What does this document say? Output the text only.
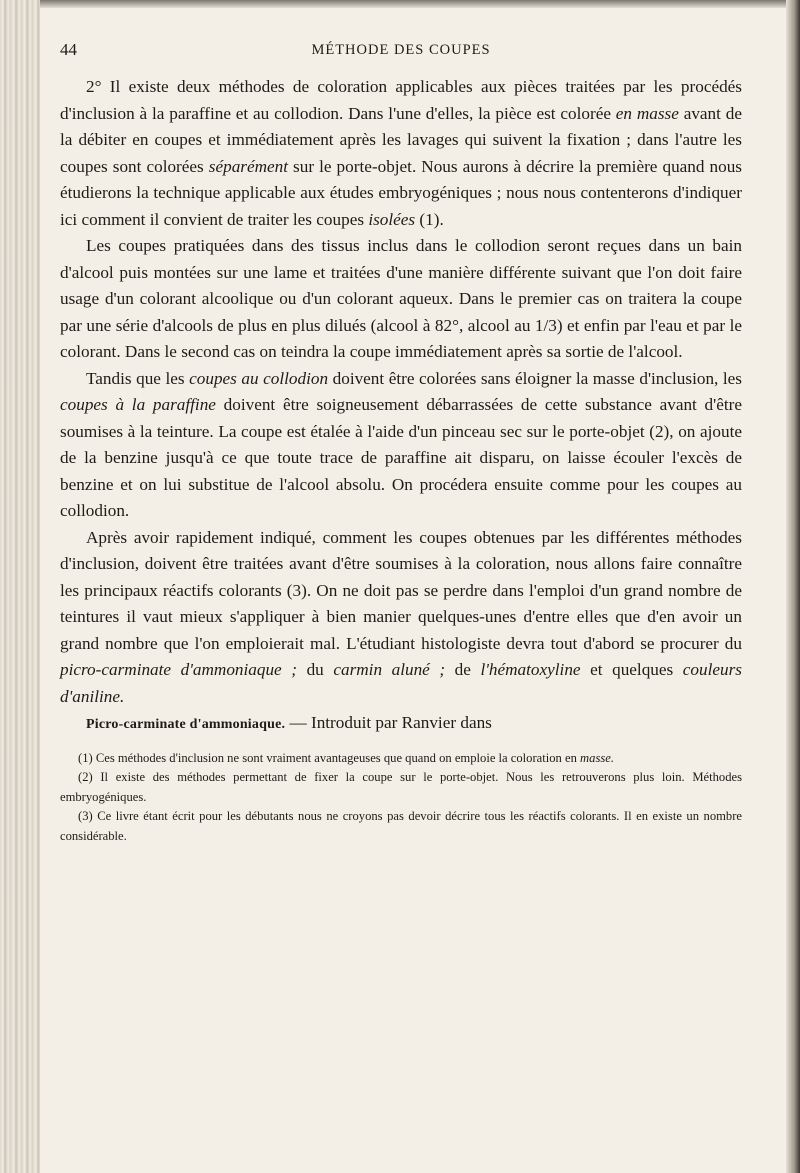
44	MÉTHODE DES COUPES

2° Il existe deux méthodes de coloration applicables aux pièces traitées par les procédés d'inclusion à la paraffine et au collodion. Dans l'une d'elles, la pièce est colorée en masse avant de la débiter en coupes et immédiatement après les lavages qui suivent la fixation ; dans l'autre les coupes sont colorées séparément sur le porte-objet. Nous aurons à décrire la première quand nous étudierons la technique applicable aux études embryogéniques ; nous nous contenterons d'indiquer ici comment il convient de traiter les coupes isolées (1).

Les coupes pratiquées dans des tissus inclus dans le collodion seront reçues dans un bain d'alcool puis montées sur une lame et traitées d'une manière différente suivant que l'on doit faire usage d'un colorant alcoolique ou d'un colorant aqueux. Dans le premier cas on traitera la coupe par une série d'alcools de plus en plus dilués (alcool à 82°, alcool au 1/3) et enfin par l'eau et par le colorant. Dans le second cas on teindra la coupe immédiatement après sa sortie de l'alcool.

Tandis que les coupes au collodion doivent être colorées sans éloigner la masse d'inclusion, les coupes à la paraffine doivent être soigneusement débarrassées de cette substance avant d'être soumises à la teinture. La coupe est étalée à l'aide d'un pinceau sec sur le porte-objet (2), on ajoute de la benzine jusqu'à ce que toute trace de paraffine ait disparu, on laisse écouler l'excès de benzine et on lui substitue de l'alcool absolu. On procédera ensuite comme pour les coupes au collodion.

Après avoir rapidement indiqué, comment les coupes obtenues par les différentes méthodes d'inclusion, doivent être traitées avant d'être soumises à la coloration, nous allons faire connaître les principaux réactifs colorants (3). On ne doit pas se perdre dans l'emploi d'un grand nombre de teintures il vaut mieux s'appliquer à bien manier quelques-unes d'entre elles que d'en avoir un grand nombre que l'on emploierait mal. L'étudiant histologiste devra tout d'abord se procurer du picro-carminate d'ammoniaque ; du carmin aluné ; de l'hématoxyline et quelques couleurs d'aniline.

Picro-carminate d'ammoniaque. — Introduit par Ranvier dans

(1) Ces méthodes d'inclusion ne sont vraiment avantageuses que quand on emploie la coloration en masse.

(2) Il existe des méthodes permettant de fixer la coupe sur le porte-objet. Nous les retrouverons plus loin. Méthodes embryogéniques.

(3) Ce livre étant écrit pour les débutants nous ne croyons pas devoir décrire tous les réactifs colorants. Il en existe un nombre considérable.
